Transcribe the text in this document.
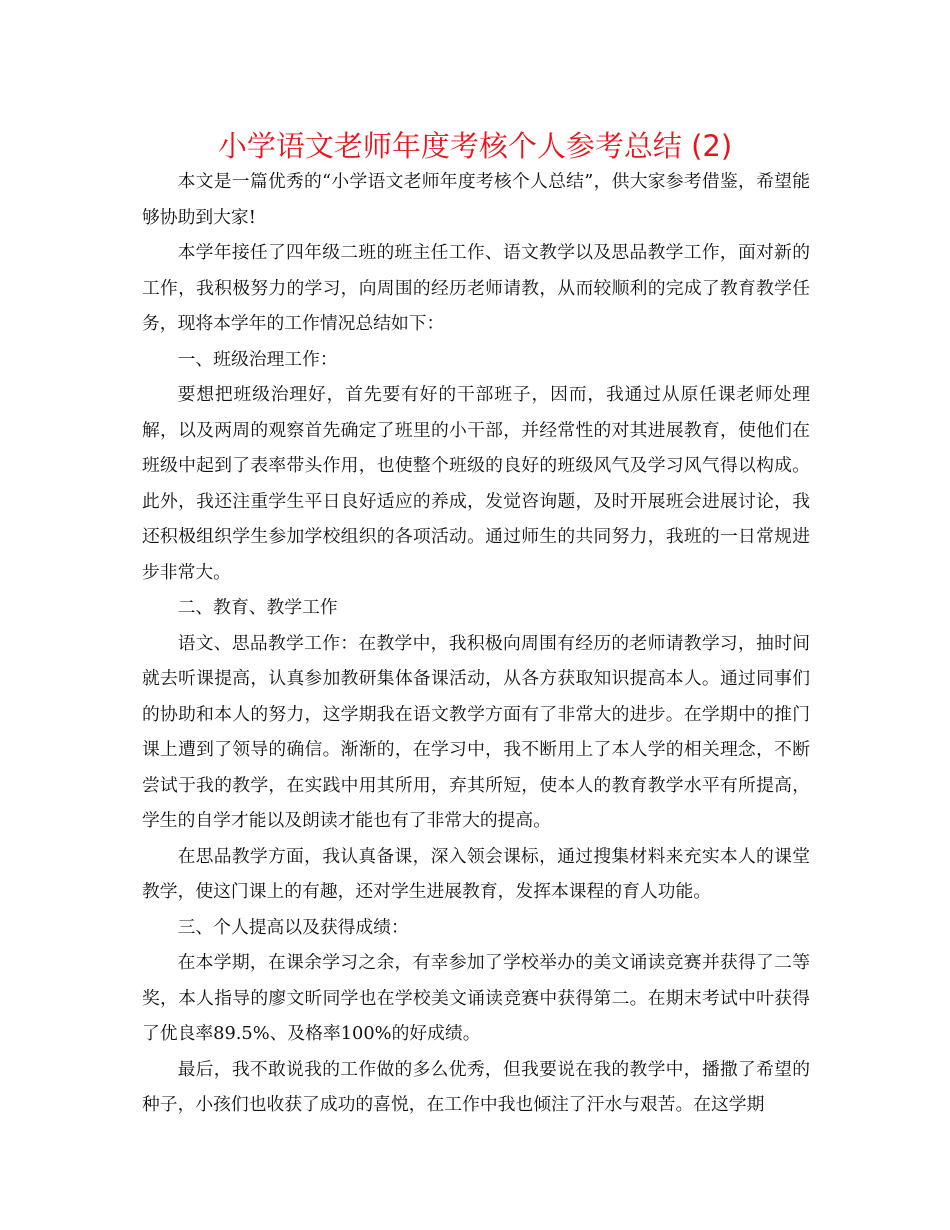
小学语文老师年度考核个人参考总结 (2)

本文是一篇优秀的“小学语文老师年度考核个人总结”，供大家参考借鉴，希望能够协助到大家!

本学年接任了四年级二班的班主任工作、语文教学以及思品教学工作，面对新的工作，我积极努力的学习，向周围的经历老师请教，从而较顺利的完成了教育教学任务，现将本学年的工作情况总结如下：

一、班级治理工作：

要想把班级治理好，首先要有好的干部班子，因而，我通过从原任课老师处理解，以及两周的观察首先确定了班里的小干部，并经常性的对其进展教育，使他们在班级中起到了表率带头作用，也使整个班级的良好的班级风气及学习风气得以构成。此外，我还注重学生平日良好适应的养成，发觉咨询题，及时开展班会进展讨论，我还积极组织学生参加学校组织的各项活动。通过师生的共同努力，我班的一日常规进步非常大。

二、教育、教学工作

语文、思品教学工作：在教学中，我积极向周围有经历的老师请教学习，抽时间就去听课提高，认真参加教研集体备课活动，从各方获取知识提高本人。通过同事们的协助和本人的努力，这学期我在语文教学方面有了非常大的进步。在学期中的推门课上遭到了领导的确信。渐渐的，在学习中，我不断用上了本人学的相关理念，不断尝试于我的教学，在实践中用其所用，弃其所短，使本人的教育教学水平有所提高，学生的自学才能以及朗读才能也有了非常大的提高。

在思品教学方面，我认真备课，深入领会课标，通过搜集材料来充实本人的课堂教学，使这门课上的有趣，还对学生进展教育，发挥本课程的育人功能。

三、个人提高以及获得成绩：

在本学期，在课余学习之余，有幸参加了学校举办的美文诵读竞赛并获得了二等奖，本人指导的廖文昕同学也在学校美文诵读竞赛中获得第二。在期末考试中叶获得了优良率89.5%、及格率100%的好成绩。

最后，我不敢说我的工作做的多么优秀，但我要说在我的教学中，播撒了希望的种子，小孩们也收获了成功的喜悦，在工作中我也倾注了汗水与艰苦。在这学期
